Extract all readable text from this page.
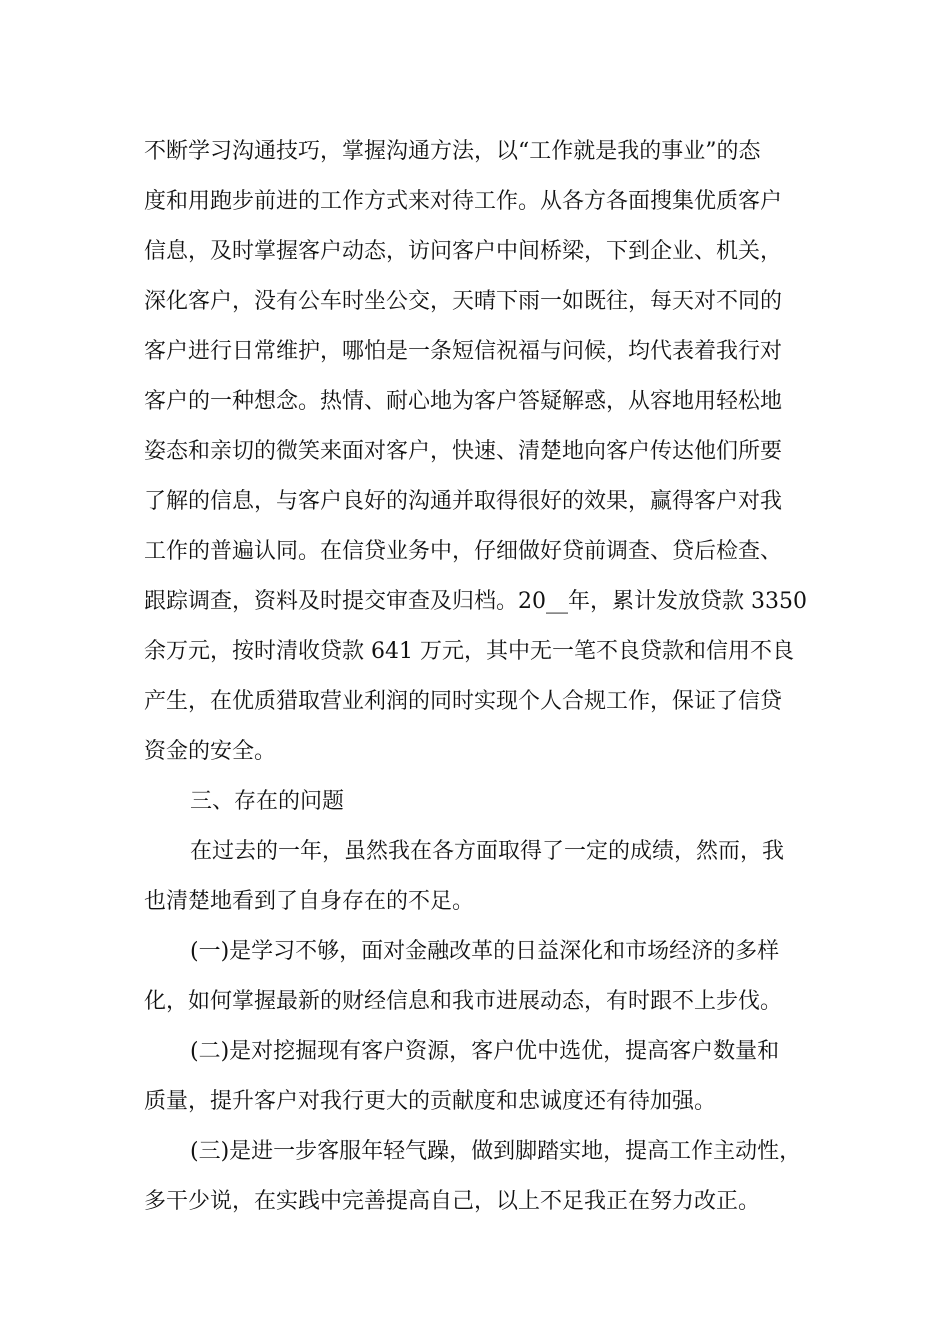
不断学习沟通技巧，掌握沟通方法，以“工作就是我的事业”的态
度和用跑步前进的工作方式来对待工作。从各方各面搜集优质客户
信息，及时掌握客户动态，访问客户中间桥梁，下到企业、机关，
深化客户，没有公车时坐公交，天晴下雨一如既往，每天对不同的
客户进行日常维护，哪怕是一条短信祝福与问候，均代表着我行对
客户的一种想念。热情、耐心地为客户答疑解惑，从容地用轻松地
姿态和亲切的微笑来面对客户，快速、清楚地向客户传达他们所要
了解的信息，与客户良好的沟通并取得很好的效果，赢得客户对我
工作的普遍认同。在信贷业务中，仔细做好贷前调查、贷后检查、
跟踪调查，资料及时提交审查及归档。20__年，累计发放贷款 3350
余万元，按时清收贷款 641 万元，其中无一笔不良贷款和信用不良
产生，在优质猎取营业利润的同时实现个人合规工作，保证了信贷
资金的安全。
三、存在的问题
在过去的一年，虽然我在各方面取得了一定的成绩，然而，我
也清楚地看到了自身存在的不足。
(一)是学习不够，面对金融改革的日益深化和市场经济的多样
化，如何掌握最新的财经信息和我市进展动态，有时跟不上步伐。
(二)是对挖掘现有客户资源，客户优中选优，提高客户数量和
质量，提升客户对我行更大的贡献度和忠诚度还有待加强。
(三)是进一步客服年轻气躁，做到脚踏实地，提高工作主动性，
多干少说，在实践中完善提高自己，以上不足我正在努力改正。
